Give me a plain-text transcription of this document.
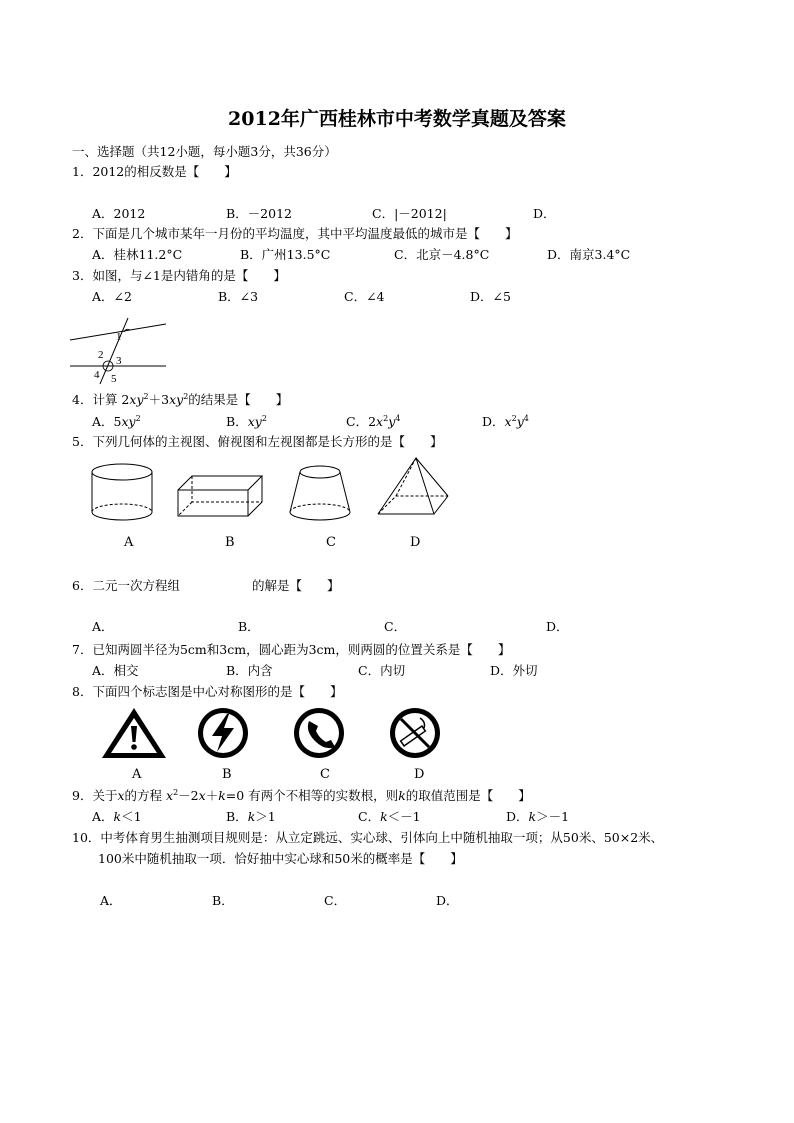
2012年广西桂林市中考数学真题及答案
一、选择题（共12小题，每小题3分，共36分）
1．2012的相反数是【　　】
A．2012	B．－2012	C．|－2012|	D．
2．下面是几个城市某年一月份的平均温度，其中平均温度最低的城市是【　　】
A．桂林11.2°C	B．广州13.5°C	C．北京－4.8°C	D．南京3.4°C
3．如图，与∠1是内错角的是【　　】
A．∠2	B．∠3	C．∠4	D．∠5
1
2 3
4 5
4．计算 $2xy^2+3xy^2$的结果是【　　】
A．$5xy^2$	B．$xy^2$	C．$2x^2y^4$	D．$x^2y^4$
5．下列几何体的主视图、俯视图和左视图都是长方形的是【　　】
A	B	C	D
6．二元一次方程组	的解是【　　】
A．	B．	C．	D．
7．已知两圆半径为5cm和3cm，圆心距为3cm，则两圆的位置关系是【　　】
A．相交	B．内含	C．内切	D．外切
8．下面四个标志图是中心对称图形的是【　　】
A	B	C	D
9．关于x的方程 $x^2-2x+k=0$ 有两个不相等的实数根，则k的取值范围是【　　】
A．k＜1	B．k＞1	C．k＜－1	D．k＞－1
10．中考体育男生抽测项目规则是：从立定跳远、实心球、引体向上中随机抽取一项；从50米、50×2米、
100米中随机抽取一项．恰好抽中实心球和50米的概率是【　　】
A．	B．	C．	D．
